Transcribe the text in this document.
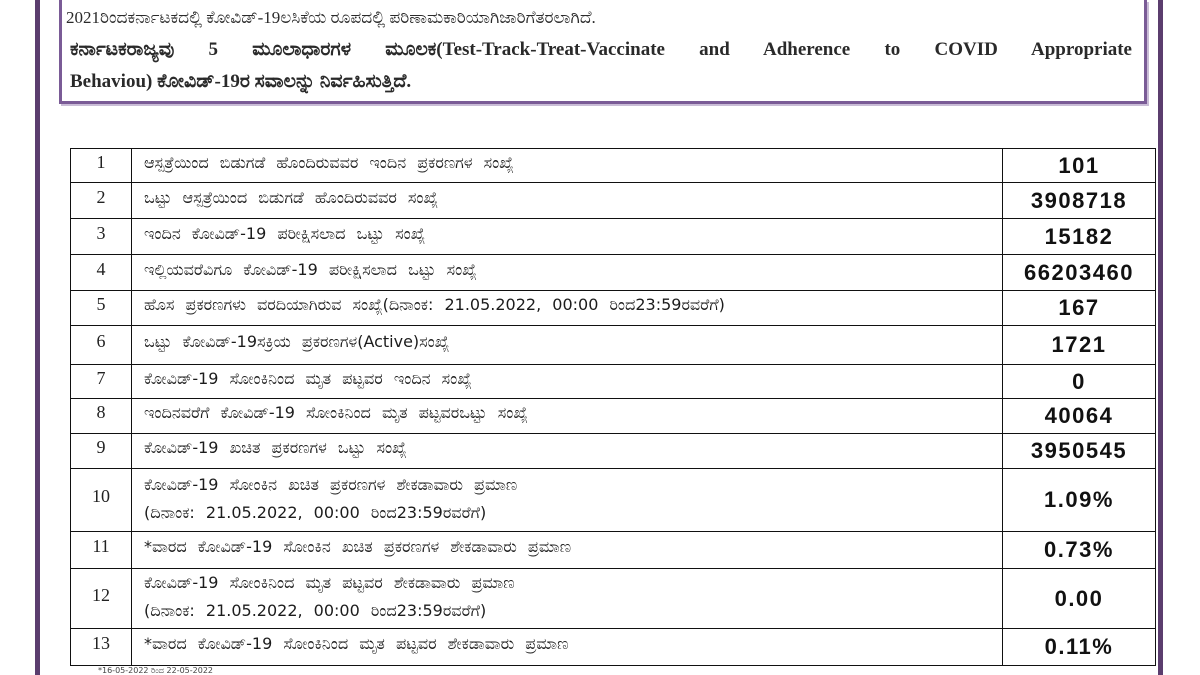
2021ರಿಂದಕರ್ನಾಟಕದಲ್ಲಿ ಕೋವಿಡ್-19ಲಸಿಕೆಯ ರೂಪದಲ್ಲಿ ಪರಿಣಾಮಕಾರಿಯಾಗಿಜಾರಿಗೆತರಲಾಗಿದೆ.
ಕರ್ನಾಟಕರಾಜ್ಯವು 5 ಮೂಲಾಧಾರಗಳ ಮೂಲಕ(Test-Track-Treat-Vaccinate and Adherence to COVID Appropriate
Behaviou) ಕೋವಿಡ್-19ರ ಸವಾಲನ್ನು ನಿರ್ವಹಿಸುತ್ತಿದೆ.
1	ಆಸ್ಪತ್ರೆಯಿಂದ ಬಿಡುಗಡೆ ಹೊಂದಿರುವವರ ಇಂದಿನ ಪ್ರಕರಣಗಳ ಸಂಖ್ಯೆ	101
2	ಒಟ್ಟು ಆಸ್ಪತ್ರೆಯಿಂದ ಬಿಡುಗಡೆ ಹೊಂದಿರುವವರ ಸಂಖ್ಯೆ	3908718
3	ಇಂದಿನ ಕೋವಿಡ್-19 ಪರೀಕ್ಷಿಸಲಾದ ಒಟ್ಟು ಸಂಖ್ಯೆ	15182
4	ಇಲ್ಲಿಯವರೆವಿಗೂ ಕೋವಿಡ್-19 ಪರೀಕ್ಷಿಸಲಾದ ಒಟ್ಟು ಸಂಖ್ಯೆ	66203460
5	ಹೊಸ ಪ್ರಕರಣಗಳು ವರದಿಯಾಗಿರುವ ಸಂಖ್ಯೆ(ದಿನಾಂಕ: 21.05.2022, 00:00 ರಿಂದ23:59ರವರೆಗೆ)	167
6	ಒಟ್ಟು ಕೋವಿಡ್-19ಸಕ್ರಿಯ ಪ್ರಕರಣಗಳ(Active)ಸಂಖ್ಯೆ	1721
7	ಕೋವಿಡ್-19 ಸೋಂಕಿನಿಂದ ಮೃತ ಪಟ್ಟವರ ಇಂದಿನ ಸಂಖ್ಯೆ	0
8	ಇಂದಿನವರೆಗೆ ಕೋವಿಡ್-19 ಸೋಂಕಿನಿಂದ ಮೃತ ಪಟ್ಟವರಒಟ್ಟು ಸಂಖ್ಯೆ	40064
9	ಕೋವಿಡ್-19 ಖಚಿತ ಪ್ರಕರಣಗಳ ಒಟ್ಟು ಸಂಖ್ಯೆ	3950545
10	ಕೋವಿಡ್-19 ಸೋಂಕಿನ ಖಚಿತ ಪ್ರಕರಣಗಳ ಶೇಕಡಾವಾರು ಪ್ರಮಾಣ
(ದಿನಾಂಕ: 21.05.2022, 00:00 ರಿಂದ23:59ರವರೆಗೆ)	1.09%
11	*ವಾರದ ಕೋವಿಡ್-19 ಸೋಂಕಿನ ಖಚಿತ ಪ್ರಕರಣಗಳ ಶೇಕಡಾವಾರು ಪ್ರಮಾಣ	0.73%
12	ಕೋವಿಡ್-19 ಸೋಂಕಿನಿಂದ ಮೃತ ಪಟ್ಟವರ ಶೇಕಡಾವಾರು ಪ್ರಮಾಣ
(ದಿನಾಂಕ: 21.05.2022, 00:00 ರಿಂದ23:59ರವರೆಗೆ)	0.00
13	*ವಾರದ ಕೋವಿಡ್-19 ಸೋಂಕಿನಿಂದ ಮೃತ ಪಟ್ಟವರ ಶೇಕಡಾವಾರು ಪ್ರಮಾಣ	0.11%
*16-05-2022 ರಿಂದ 22-05-2022
